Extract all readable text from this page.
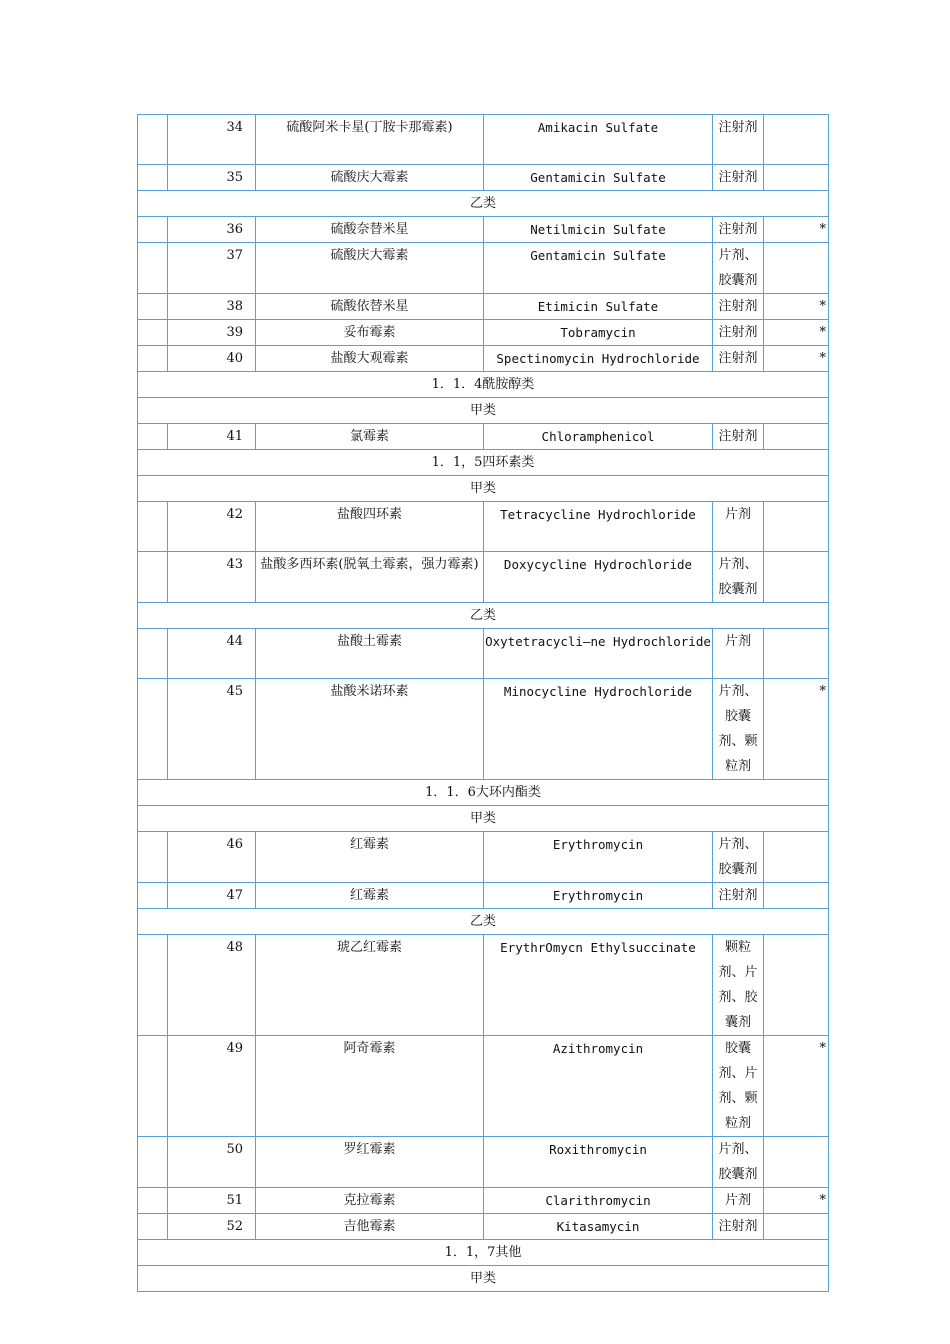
	34	硫酸阿米卡星(丁胺卡那霉素)	Amikacin Sulfate	注射剂	
	35	硫酸庆大霉素	Gentamicin Sulfate	注射剂	
乙类					
	36	硫酸奈替米星	Netilmicin Sulfate	注射剂	*
	37	硫酸庆大霉素	Gentamicin Sulfate	片剂、胶囊剂	
	38	硫酸依替米星	Etimicin Sulfate	注射剂	*
	39	妥布霉素	Tobramycin	注射剂	*
	40	盐酸大观霉素	Spectinomycin Hydrochloride	注射剂	*
1．1．4酰胺醇类					
甲类					
	41	氯霉素	Chloramphenicol	注射剂	
1．1，5四环素类					
甲类					
	42	盐酸四环素	Tetracycline Hydrochloride	片剂	
	43	盐酸多西环素(脱氧土霉素，强力霉素)	Doxycycline Hydrochloride	片剂、胶囊剂	
乙类					
	44	盐酸土霉素	Oxytetracycli—ne Hydrochloride	片剂	
	45	盐酸米诺环素	Minocycline Hydrochloride	片剂、胶囊剂、颗粒剂	*
1．1．6大环内酯类					
甲类					
	46	红霉素	Erythromycin	片剂、胶囊剂	
	47	红霉素	Erythromycin	注射剂	
乙类					
	48	琥乙红霉素	ErythrOmycn Ethylsuccinate	颗粒剂、片剂、胶囊剂	
	49	阿奇霉素	Azithromycin	胶囊剂、片剂、颗粒剂	*
	50	罗红霉素	Roxithromycin	片剂、胶囊剂	
	51	克拉霉素	Clarithromycin	片剂	*
	52	吉他霉素	Kitasamycin	注射剂	
1．1，7其他					
甲类					
